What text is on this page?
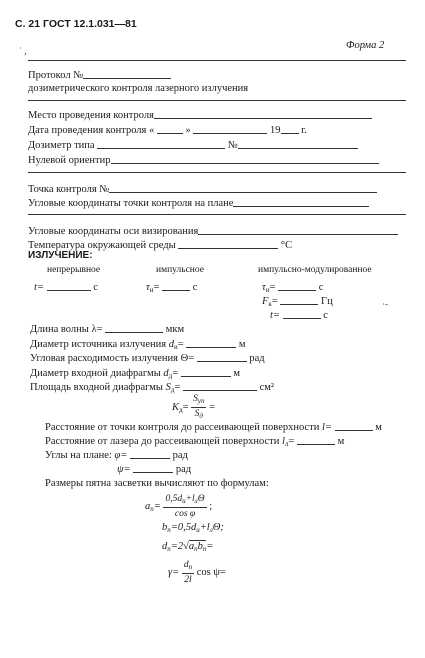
С. 21 ГОСТ 12.1.031—81
˙ ,	Форма 2
Протокол №
дозиметрического контроля лазерного излучения
Место проведения контроля
Дата проведения контроля «	»	19 г.
Дозиметр типа	№
Нулевой ориентир
Точка контроля №
Угловые координаты точки контроля на плане
Угловые координаты оси визирования
Температура окружающей среды	°С
ИЗЛУЧЕНИЕ:
непрерывное	импульсное	импульсно-модулированное
t=	с	$\tau_и=$	с	$\tau_и=$	с
$F_к=$	Гц
t=	с
˙ˉ
Длина волны λ=	мкм
Диаметр источника излучения $d_и=$	м
Угловая расходимость излучения Θ=	рад
Диаметр входной диафрагмы $d_д=$	м
Площадь входной диафрагмы $S_д=$	см²
$K_д= \frac{S_{уп}}{S_д}$ =
Расстояние от точки контроля до рассеивающей поверхности l=	м
Расстояние от лазера до рассеивающей поверхности $l_л=$	м
Углы на плане: φ=	рад
ψ=	рад
Размеры пятна засветки вычисляют по формулам:
$a_п= \frac{0,5d_и+l_л\Theta}{\text{cos φ}}$ ;
$b_п=0,5d_и+l_л\Theta$;
$d_п=2√a_пb_п=$
$\gamma= \frac{d_п}{2l}$ cos ψ=
